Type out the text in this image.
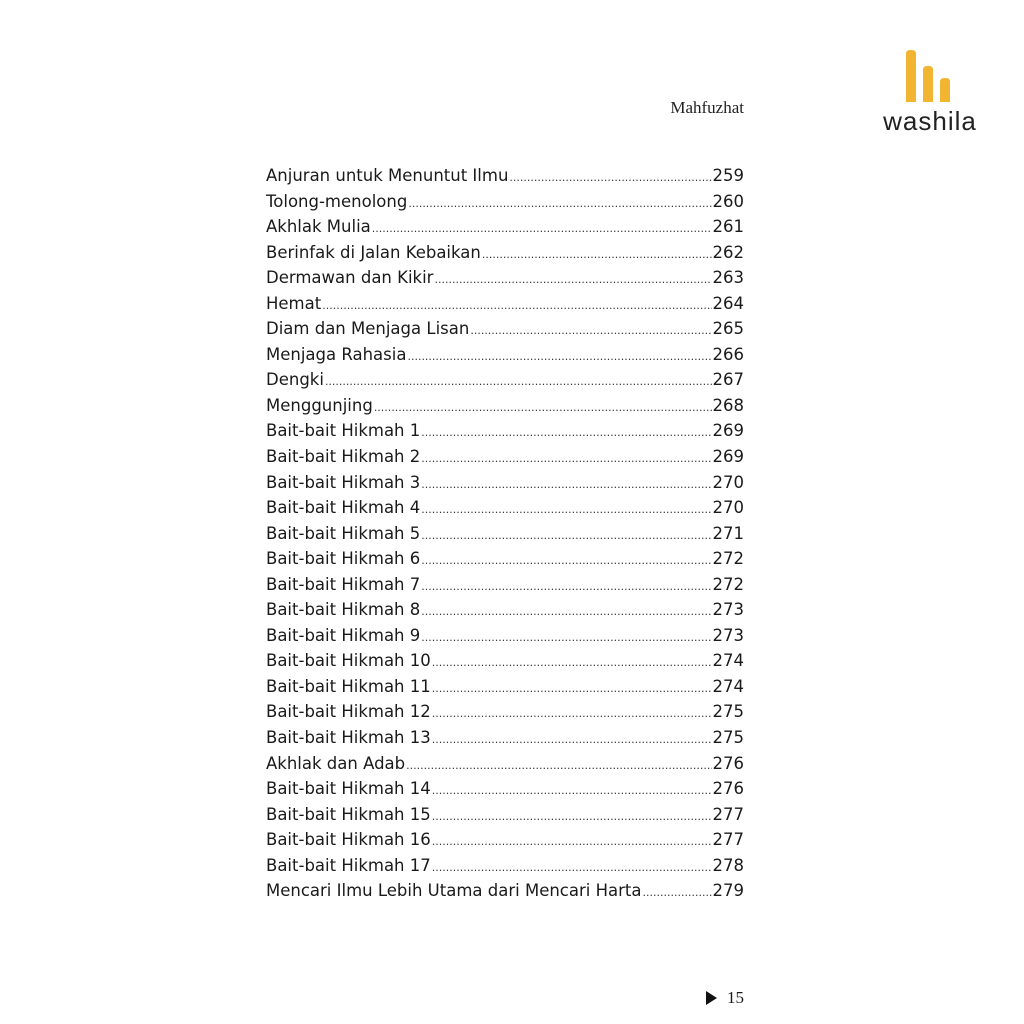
washila
Mahfuzhat
Anjuran untuk Menuntut Ilmu .....	259
Tolong-menolong .....	260
Akhlak Mulia .....	261
Berinfak di Jalan Kebaikan .....	262
Dermawan dan Kikir .....	263
Hemat .....	264
Diam dan Menjaga Lisan .....	265
Menjaga Rahasia .....	266
Dengki .....	267
Menggunjing .....	268
Bait-bait Hikmah 1 .....	269
Bait-bait Hikmah 2 .....	269
Bait-bait Hikmah 3 .....	270
Bait-bait Hikmah 4 .....	270
Bait-bait Hikmah 5 .....	271
Bait-bait Hikmah 6 .....	272
Bait-bait Hikmah 7 .....	272
Bait-bait Hikmah 8 .....	273
Bait-bait Hikmah 9 .....	273
Bait-bait Hikmah 10 .....	274
Bait-bait Hikmah 11 .....	274
Bait-bait Hikmah 12 .....	275
Bait-bait Hikmah 13 .....	275
Akhlak dan Adab .....	276
Bait-bait Hikmah 14 .....	276
Bait-bait Hikmah 15 .....	277
Bait-bait Hikmah 16 .....	277
Bait-bait Hikmah 17 .....	278
Mencari Ilmu Lebih Utama dari Mencari Harta .....	279
15
